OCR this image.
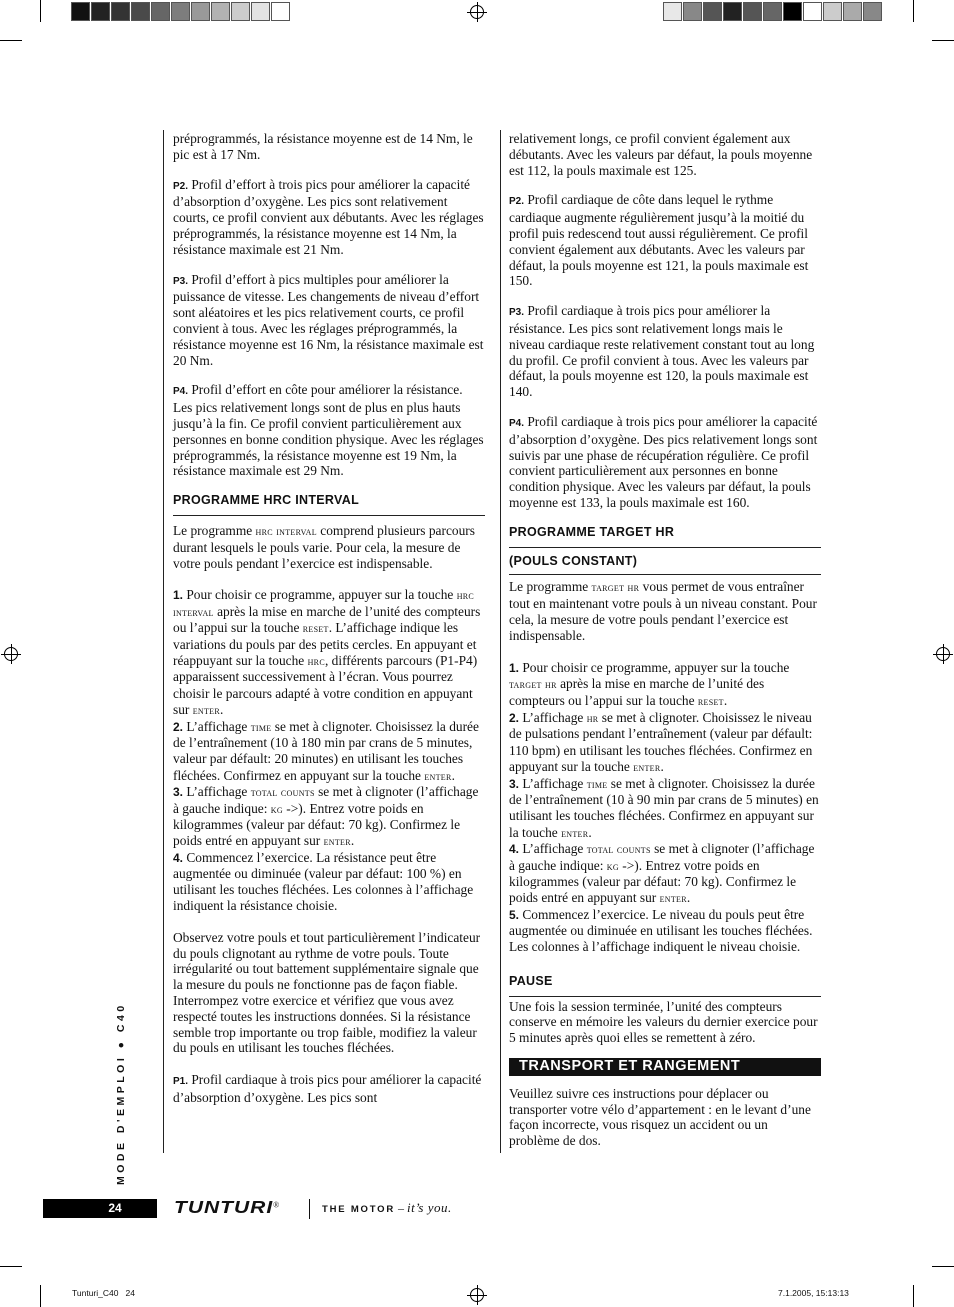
préprogrammés, la résistance moyenne est de 14 Nm, le pic est à 17 Nm.

P2. Profil d’effort à trois pics pour améliorer la capacité d’absorption d’oxygène. Les pics sont relativement courts, ce profil convient aux débutants. Avec les réglages préprogrammés, la résistance moyenne est 14 Nm, la résistance maximale est 21 Nm.

P3. Profil d’effort à pics multiples pour améliorer la puissance de vitesse. Les changements de niveau d’effort sont aléatoires et les pics relativement courts, ce profil convient à tous. Avec les réglages préprogrammés, la résistance moyenne est 16 Nm, la résistance maximale est 20 Nm.

P4. Profil d’effort en côte pour améliorer la résistance. Les pics relativement longs sont de plus en plus hauts jusqu’à la fin. Ce profil convient particulièrement aux personnes en bonne condition physique. Avec les réglages préprogrammés, la résistance moyenne est 19 Nm, la résistance maximale est 29 Nm.

PROGRAMME HRC INTERVAL

Le programme hrc interval comprend plusieurs parcours durant lesquels le pouls varie. Pour cela, la mesure de votre pouls pendant l’exercice est indispensable.

1. Pour choisir ce programme, appuyer sur la touche hrc interval après la mise en marche de l’unité des compteurs ou l’appui sur la touche reset. L’affichage indique les variations du pouls par des petits cercles. En appuyant et réappuyant sur la touche hrc, différents parcours (P1-P4) apparaissent successivement à l’écran. Vous pourrez choisir le parcours adapté à votre condition en appuyant sur enter.
2. L’affichage time se met à clignoter. Choisissez la durée de l’entraînement (10 à 180 min par crans de 5 minutes, valeur par défault: 20 minutes) en utilisant les touches fléchées. Confirmez en appuyant sur la touche enter.
3. L’affichage total counts se met à clignoter (l’affichage à gauche indique: kg ->). Entrez votre poids en kilogrammes (valeur par défaut: 70 kg). Confirmez le poids entré en appuyant sur enter.
4. Commencez l’exercice. La résistance peut être augmentée ou diminuée (valeur par défaut: 100 %) en utilisant les touches fléchées. Les colonnes à l’affichage indiquent la résistance choisie.

Observez votre pouls et tout particulièrement l’indicateur du pouls clignotant au rythme de votre pouls. Toute irrégularité ou tout battement supplémentaire signale que la mesure du pouls ne fonctionne pas de façon fiable. Interrompez votre exercice et vérifiez que vous avez respecté toutes les instructions données. Si la résistance semble trop importante ou trop faible, modifiez la valeur du pouls en utilisant les touches fléchées.

P1. Profil cardiaque à trois pics pour améliorer la capacité d’absorption d’oxygène. Les pics sont

relativement longs, ce profil convient également aux débutants. Avec les valeurs par défaut, la pouls moyenne est 112, la pouls maximale est 125.

P2. Profil cardiaque de côte dans lequel le rythme cardiaque augmente régulièrement jusqu’à la moitié du profil puis redescend tout aussi régulièrement. Ce profil convient également aux débutants. Avec les valeurs par défaut, la pouls moyenne est 121, la pouls maximale est 150.

P3. Profil cardiaque à trois pics pour améliorer la résistance. Les pics sont relativement longs mais le niveau cardiaque reste relativement constant tout au long du profil. Ce profil convient à tous. Avec les valeurs par défaut, la pouls moyenne est 120, la pouls maximale est 140.

P4. Profil cardiaque à trois pics pour améliorer la capacité d’absorption d’oxygène. Des pics relativement longs sont suivis par une phase de récupération régulière. Ce profil convient particulièrement aux personnes en bonne condition physique. Avec les valeurs par défaut, la pouls moyenne est 133, la pouls maximale est 160.

PROGRAMME TARGET HR
(POULS CONSTANT)

Le programme target hr vous permet de vous entraîner tout en maintenant votre pouls à un niveau constant. Pour cela, la mesure de votre pouls pendant l’exercice est indispensable.

1. Pour choisir ce programme, appuyer sur la touche target hr après la mise en marche de l’unité des compteurs ou l’appui sur la touche reset.
2. L’affichage hr se met à clignoter. Choisissez le niveau de pulsations pendant l’entraînement (valeur par défault: 110 bpm) en utilisant les touches fléchées. Confirmez en appuyant sur la touche enter.
3. L’affichage time se met à clignoter. Choisissez la durée de l’entraînement (10 à 90 min par crans de 5 minutes) en utilisant les touches fléchées. Confirmez en appuyant sur la touche enter.
4. L’affichage total counts se met à clignoter (l’affichage à gauche indique: kg ->). Entrez votre poids en kilogrammes (valeur par défaut: 70 kg). Confirmez le poids entré en appuyant sur enter.
5. Commencez l’exercice. Le niveau du pouls peut être augmentée ou diminuée en utilisant les touches fléchées. Les colonnes à l’affichage indiquent le niveau choisie.
PAUSE

Une fois la session terminée, l’unité des compteurs conserve en mémoire les valeurs du dernier exercice pour 5 minutes après quoi elles se remettent à zéro.

TRANSPORT ET RANGEMENT

Veuillez suivre ces instructions pour déplacer ou transporter votre vélo d’appartement : en le levant d’une façon incorrecte, vous risquez un accident ou un problème de dos.

MODE D'EMPLOI ● C40
24	TUNTURI®	THE MOTOR – it’s you.
Tunturi_C40   24	7.1.2005, 15:13:13
